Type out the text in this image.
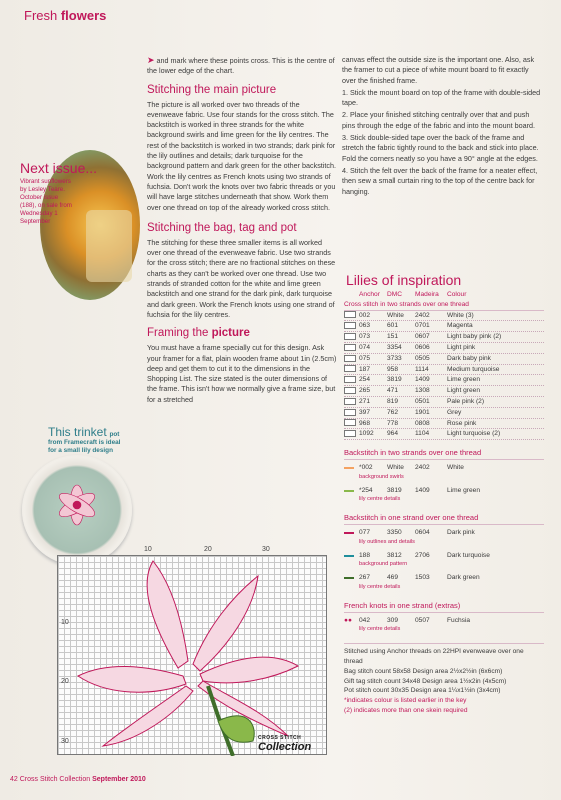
Fresh flowers
Next issue...
Vibrant sunflowers by Lesley Teare. October issue (188), on sale from Wednesday 1 September
This trinket pot
from Framecraft is ideal
for a small lily design

➤ and mark where these points cross. This is the centre of the lower edge of the chart.

Stitching the main picture

The picture is all worked over two threads of the evenweave fabric. Use four stands for the cross stitch. The backstitch is worked in three strands for the white background swirls and lime green for the lily centres. The rest of the backstitch is worked in two strands; dark pink for the lily outlines and details; dark turquoise for the background pattern and dark green for the other backstitch. Work the lily centres as French knots using two strands of fuchsia. Don't work the knots over two fabric threads or you will have large stitches underneath that show. Work them over one thread on top of the already worked cross stitch.

Stitching the bag, tag and pot

The stitching for these three smaller items is all worked over one thread of the evenweave fabric. Use two strands for the cross stitch; there are no fractional stitches on these charts as they can't be worked over one thread. Use two strands of stranded cotton for the white and lime green backstitch and one strand for the dark pink, dark turquoise and dark green. Work the French knots using one strand of fuchsia for the lily centres.

Framing the picture

You must have a frame specially cut for this design. Ask your framer for a flat, plain wooden frame about 1in (2.5cm) deep and get them to cut it to the dimensions in the Shopping List. The size stated is the outer dimensions of the frame. This isn't how we normally give a frame size, but for a stretched

canvas effect the outside size is the important one. Also, ask the framer to cut a piece of white mount board to fit exactly over the finished frame.

1. Stick the mount board on top of the frame with double-sided tape.

2. Place your finished stitching centrally over that and push pins through the edge of the fabric and into the mount board.

3. Stick double-sided tape over the back of the frame and stretch the fabric tightly round to the back and stick into place. Fold the corners neatly so you have a 90° angle at the edges.

4. Stitch the felt over the back of the frame for a neater effect, then sew a small curtain ring to the top of the centre back for hanging.

Lilies of inspiration
Anchor	DMC	Madeira	Colour
Cross stitch in two strands over one thread
002	White	2402	White (3)
063	601	0701	Magenta
073	151	0607	Light baby pink (2)
074	3354	0606	Light pink
075	3733	0505	Dark baby pink
187	958	1114	Medium turquoise
254	3819	1409	Lime green
265	471	1308	Light green
271	819	0501	Pale pink (2)
397	762	1901	Grey
968	778	0808	Rose pink
1092	964	1104	Light turquoise (2)
Backstitch in two strands over one thread
*002	White	2402	White
background swirls
*254	3819	1409	Lime green
lily centre details
Backstitch in one strand over one thread
077	3350	0604	Dark pink
lily outlines and details
188	3812	2706	Dark turquoise
background pattern
267	469	1503	Dark green
lily centre details
French knots in one strand (extras)
●●	042	309	0507	Fuchsia
lily centre details
Stitched using Anchor threads on 22HPI evenweave over one thread
Bag stitch count 58x58 Design area 2½x2½in (6x6cm)
Gift tag stitch count 34x48 Design area 1½x2in (4x5cm)
Pot stitch count 30x35 Design area 1¼x1½in (3x4cm)
*indicates colour is listed earlier in the key
(2) indicates more than one skein required
10	20	30
10
20
30	CROSS STITCH
Collection
42 Cross Stitch Collection September 2010
